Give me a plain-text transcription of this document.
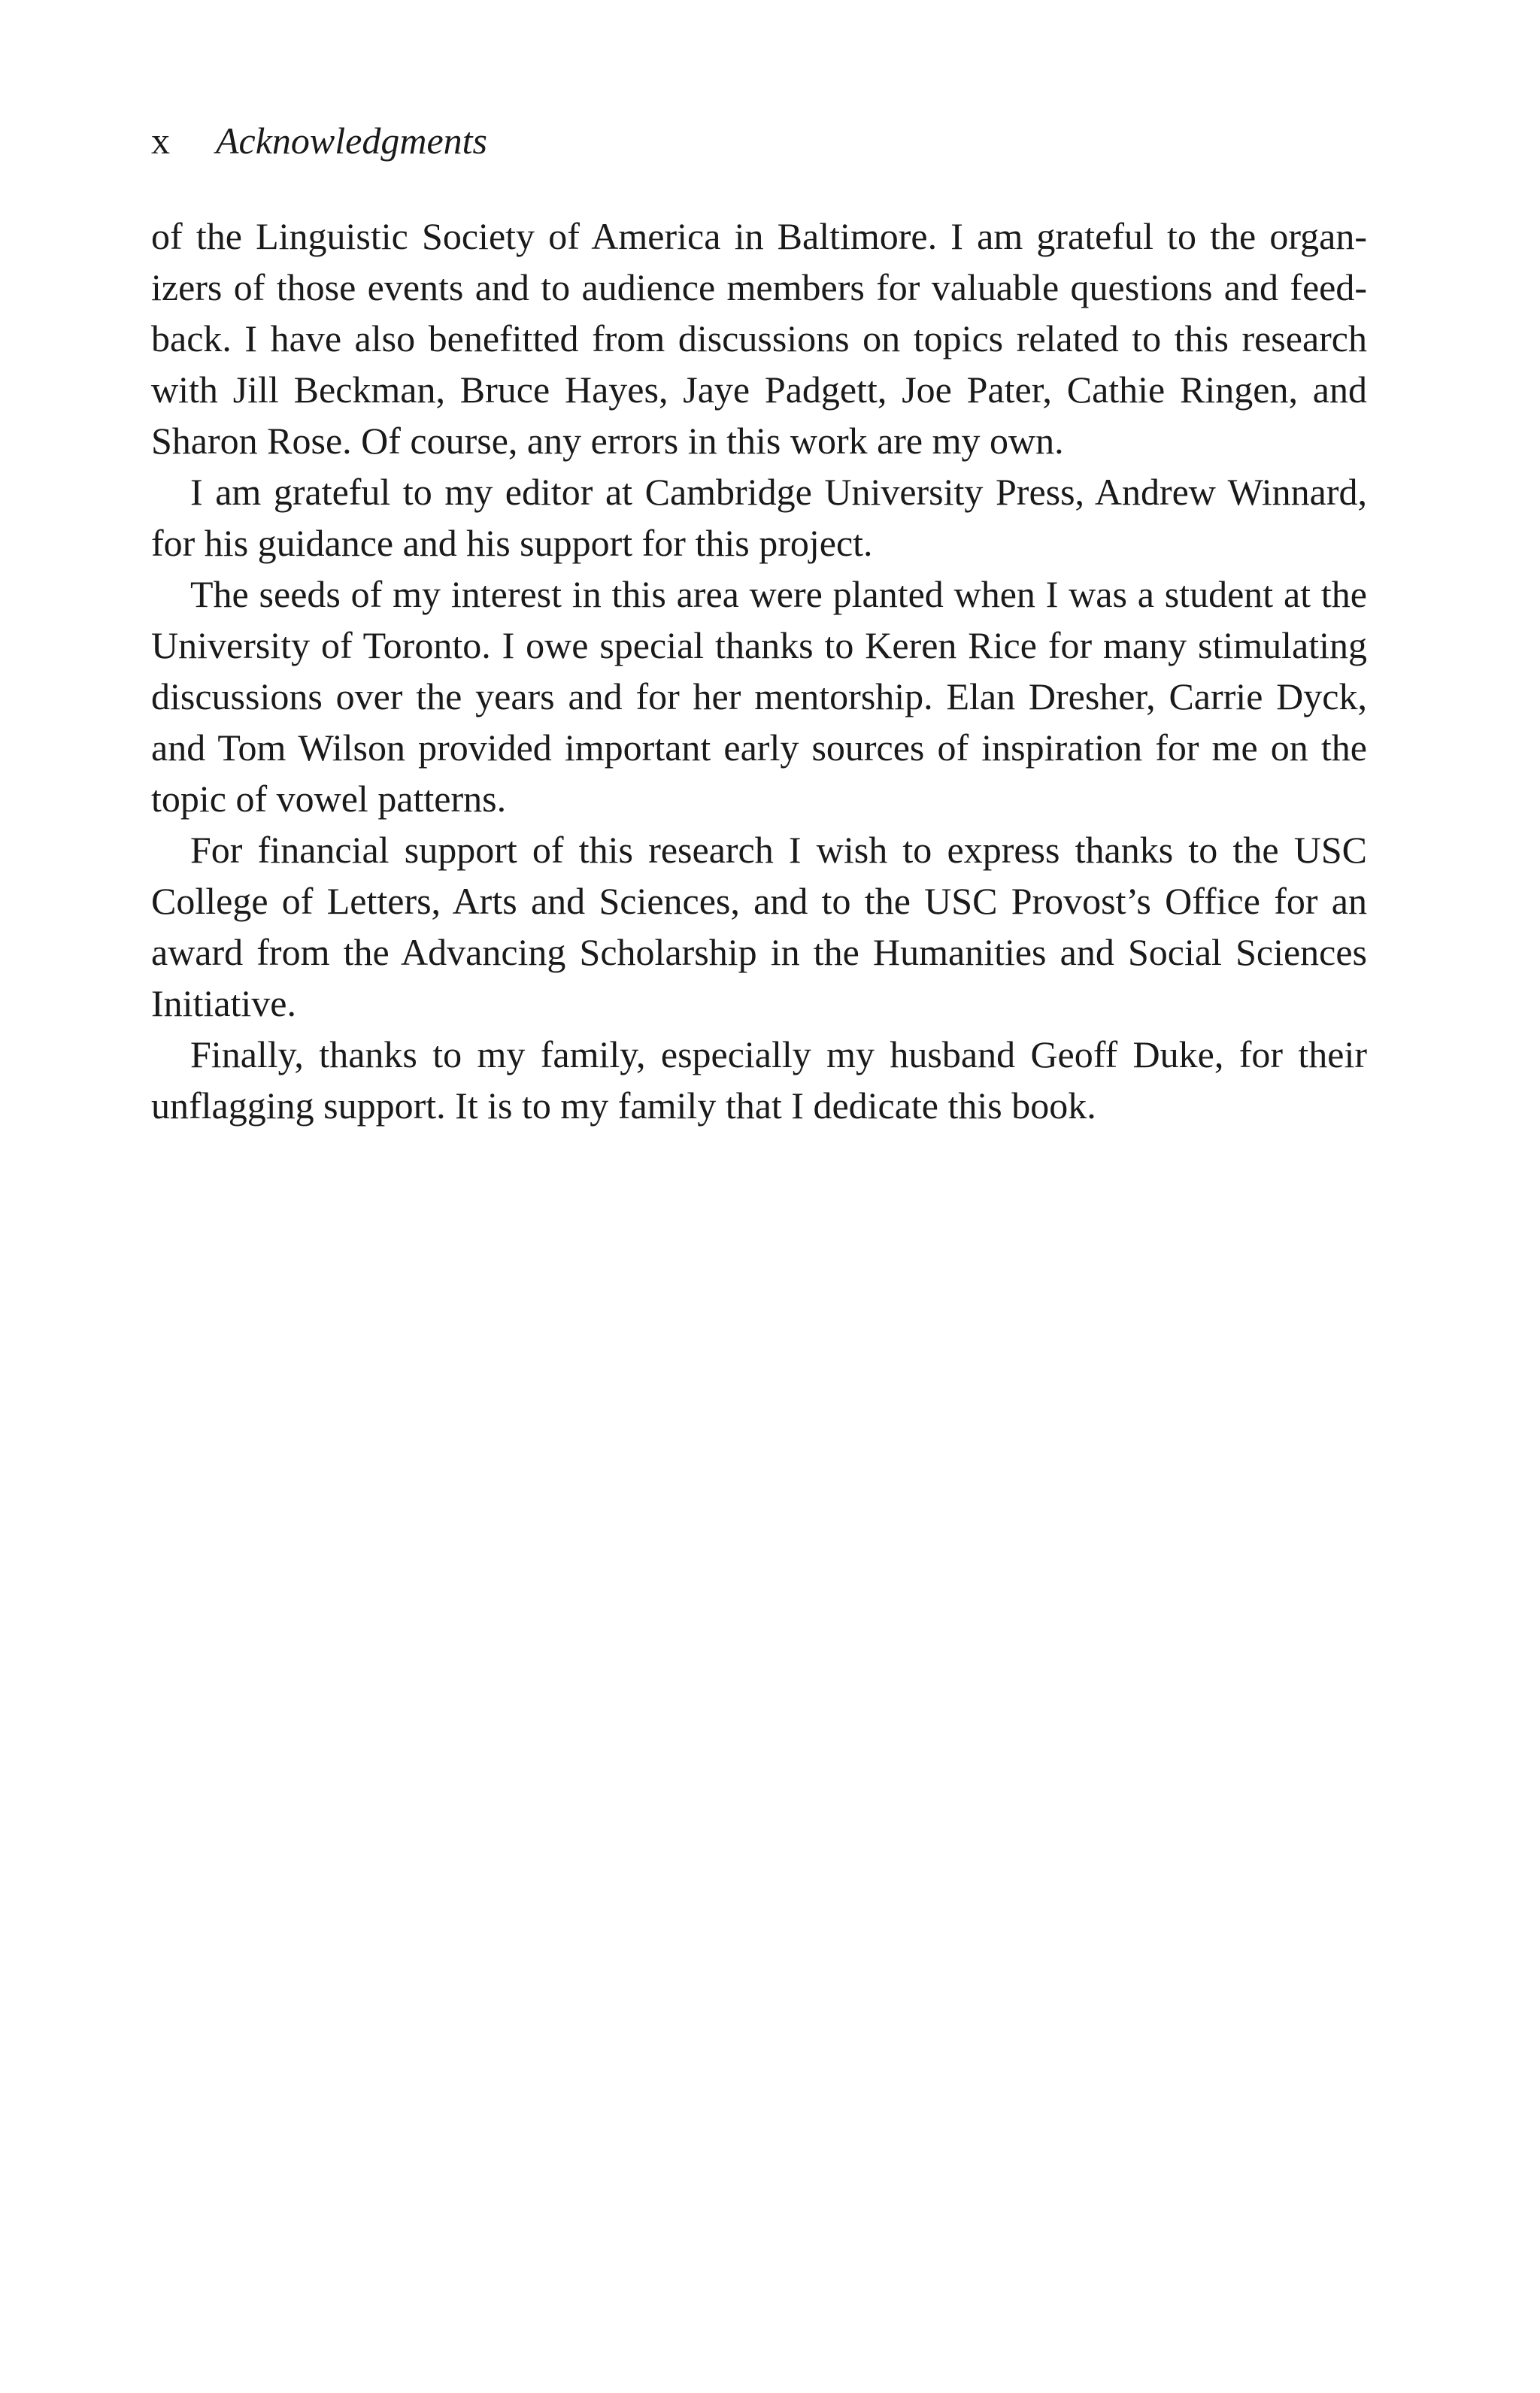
x Acknowledgments
of the Linguistic Society of America in Baltimore. I am grateful to the organ-
izers of those events and to audience members for valuable questions and feed-
back. I have also benefitted from discussions on topics related to this research
with Jill Beckman, Bruce Hayes, Jaye Padgett, Joe Pater, Cathie Ringen, and
Sharon Rose. Of course, any errors in this work are my own.
I am grateful to my editor at Cambridge University Press, Andrew Winnard,
for his guidance and his support for this project.
The seeds of my interest in this area were planted when I was a student at the
University of Toronto. I owe special thanks to Keren Rice for many stimulating
discussions over the years and for her mentorship. Elan Dresher, Carrie Dyck,
and Tom Wilson provided important early sources of inspiration for me on the
topic of vowel patterns.
For financial support of this research I wish to express thanks to the USC
College of Letters, Arts and Sciences, and to the USC Provost’s Office for an
award from the Advancing Scholarship in the Humanities and Social Sciences
Initiative.
Finally, thanks to my family, especially my husband Geoff Duke, for their
unflagging support. It is to my family that I dedicate this book.
